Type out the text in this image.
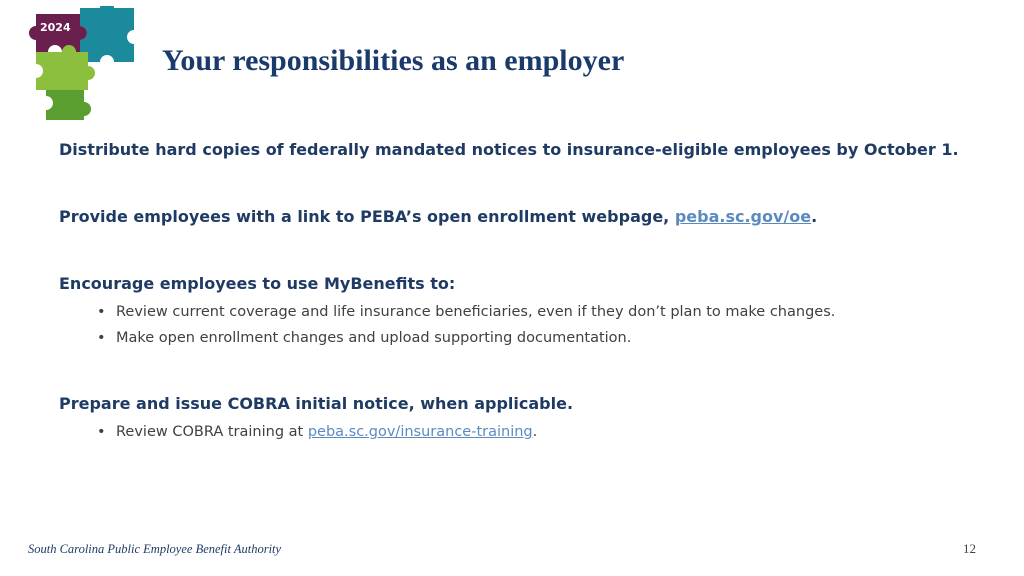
2024
Your responsibilities as an employer

Distribute hard copies of federally mandated notices to insurance-eligible employees by October 1.

Provide employees with a link to PEBA’s open enrollment webpage, peba.sc.gov/oe.

Encourage employees to use MyBenefits to:

• Review current coverage and life insurance beneficiaries, even if they don’t plan to make changes.
• Make open enrollment changes and upload supporting documentation.

Prepare and issue COBRA initial notice, when applicable.

• Review COBRA training at peba.sc.gov/insurance-training.
South Carolina Public Employee Benefit Authority	12
